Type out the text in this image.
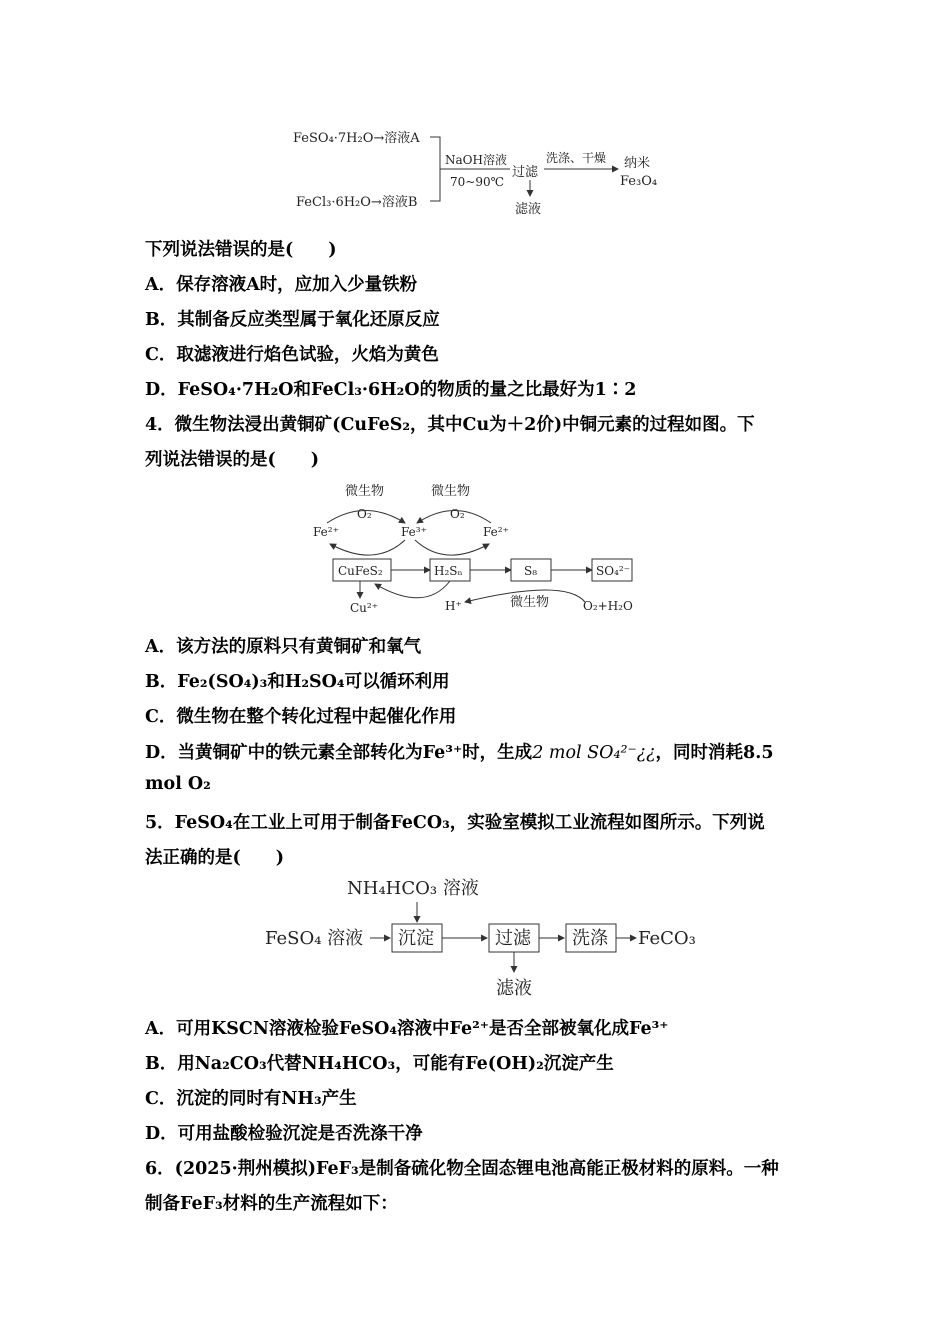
FeSO₄·7H₂O→溶液A
FeCl₃·6H₂O→溶液B
NaOH溶液
70~90℃
过滤
滤液
洗涤、干燥 纳米
Fe₃O₄
下列说法错误的是(　　)
A．保存溶液A时，应加入少量铁粉
B．其制备反应类型属于氧化还原反应
C．取滤液进行焰色试验，火焰为黄色
D．FeSO₄·7H₂O和FeCl₃·6H₂O的物质的量之比最好为1∶2
4．微生物法浸出黄铜矿(CuFeS₂，其中Cu为＋2价)中铜元素的过程如图。下
列说法错误的是(　　)
微生物	微生物
O₂	O₂
Fe²⁺	Fe³⁺	Fe²⁺
CuFeS₂	H₂Sₙ	S₈	SO₄²⁻
Cu²⁺	H⁺	微生物	O₂+H₂O
A．该方法的原料只有黄铜矿和氧气
B．Fe₂(SO₄)₃和H₂SO₄可以循环利用
C．微生物在整个转化过程中起催化作用
D．当黄铜矿中的铁元素全部转化为Fe³⁺时，生成2 mol SO₄²⁻¿¿，同时消耗8.5
mol O₂
5．FeSO₄在工业上可用于制备FeCO₃，实验室模拟工业流程如图所示。下列说
法正确的是(　　)
NH₄HCO₃ 溶液
FeSO₄ 溶液 沉淀	过滤 洗涤 FeCO₃
滤液
A．可用KSCN溶液检验FeSO₄溶液中Fe²⁺是否全部被氧化成Fe³⁺
B．用Na₂CO₃代替NH₄HCO₃，可能有Fe(OH)₂沉淀产生
C．沉淀的同时有NH₃产生
D．可用盐酸检验沉淀是否洗涤干净
6．(2025·荆州模拟)FeF₃是制备硫化物全固态锂电池高能正极材料的原料。一种
制备FeF₃材料的生产流程如下：
